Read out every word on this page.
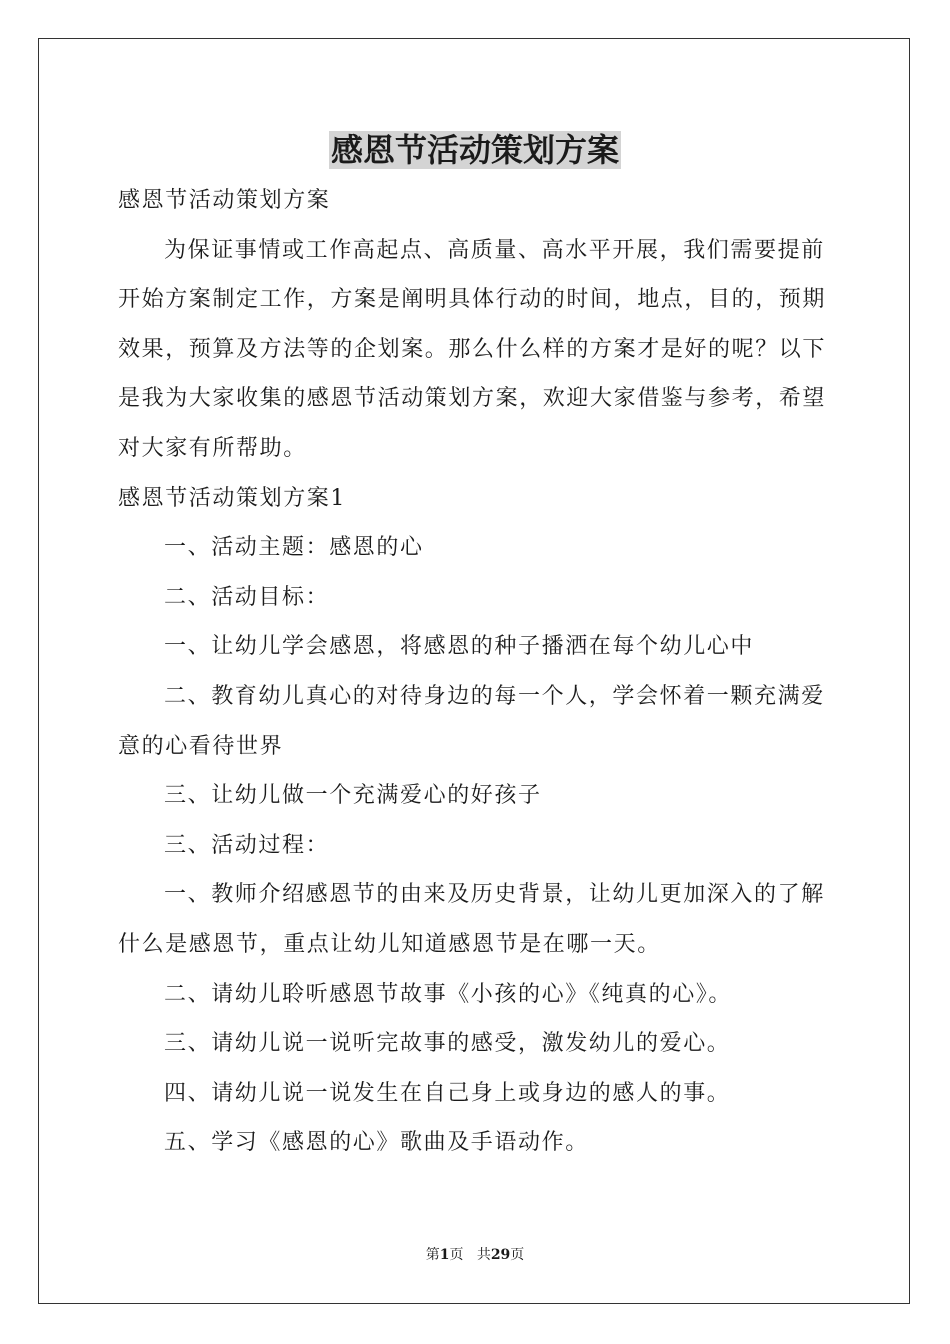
感恩节活动策划方案

感恩节活动策划方案

为保证事情或工作高起点、高质量、高水平开展，我们需要提前开始方案制定工作，方案是阐明具体行动的时间，地点，目的，预期效果，预算及方法等的企划案。那么什么样的方案才是好的呢？以下是我为大家收集的感恩节活动策划方案，欢迎大家借鉴与参考，希望对大家有所帮助。

感恩节活动策划方案1

一、活动主题：感恩的心

二、活动目标：

一、让幼儿学会感恩，将感恩的种子播洒在每个幼儿心中

二、教育幼儿真心的对待身边的每一个人，学会怀着一颗充满爱意的心看待世界

三、让幼儿做一个充满爱心的好孩子

三、活动过程：

一、教师介绍感恩节的由来及历史背景，让幼儿更加深入的了解什么是感恩节，重点让幼儿知道感恩节是在哪一天。

二、请幼儿聆听感恩节故事《小孩的心》《纯真的心》。

三、请幼儿说一说听完故事的感受，激发幼儿的爱心。

四、请幼儿说一说发生在自己身上或身边的感人的事。

五、学习《感恩的心》歌曲及手语动作。

第1页 共29页
